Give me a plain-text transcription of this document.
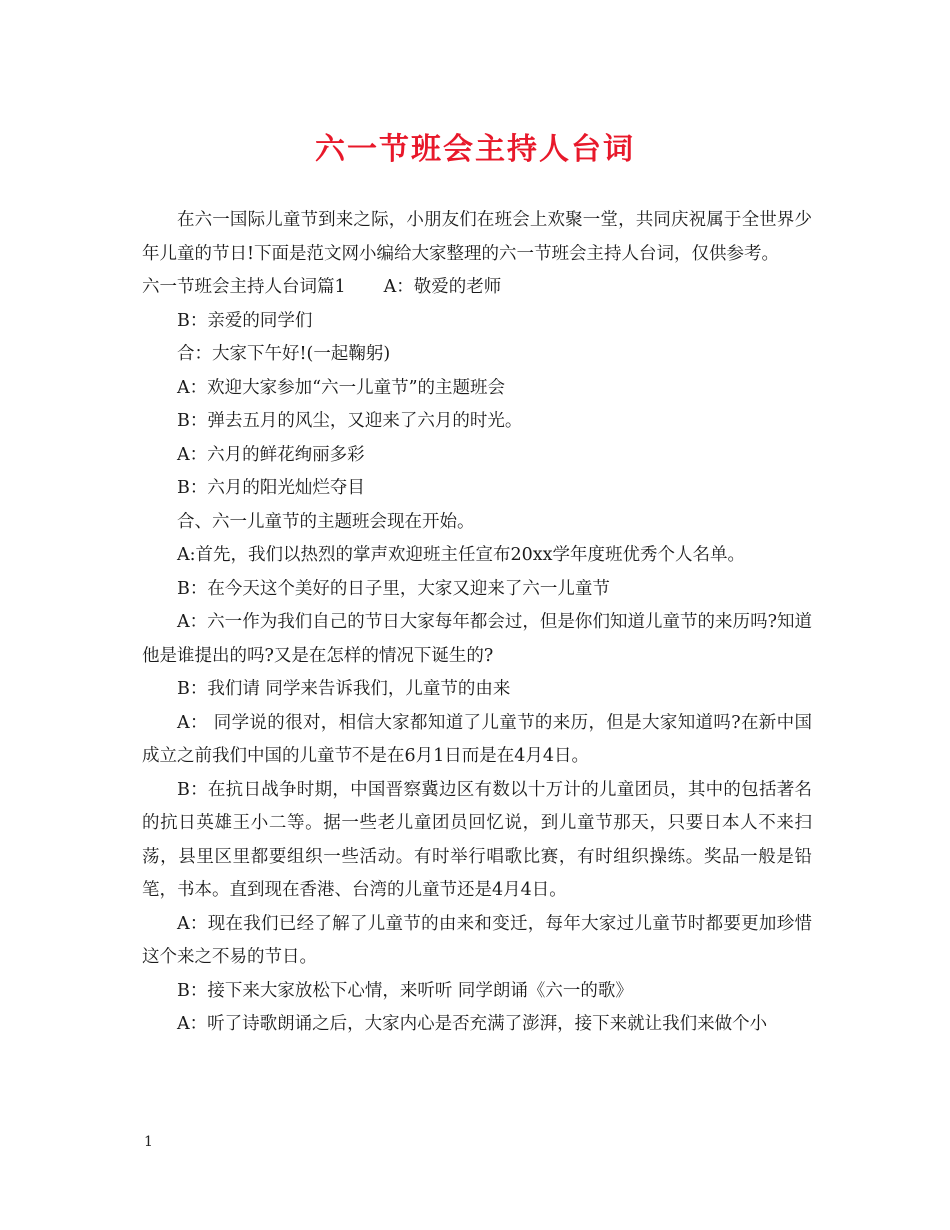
六一节班会主持人台词

在六一国际儿童节到来之际，小朋友们在班会上欢聚一堂，共同庆祝属于全世界少年儿童的节日!下面是范文网小编给大家整理的六一节班会主持人台词，仅供参考。

六一节班会主持人台词篇1 A：敬爱的老师

B：亲爱的同学们

合：大家下午好!(一起鞠躬)

A：欢迎大家参加“六一儿童节”的主题班会

B：弹去五月的风尘，又迎来了六月的时光。

A：六月的鲜花绚丽多彩

B：六月的阳光灿烂夺目

合、六一儿童节的主题班会现在开始。

A:首先，我们以热烈的掌声欢迎班主任宣布20xx学年度班优秀个人名单。

B：在今天这个美好的日子里，大家又迎来了六一儿童节

A：六一作为我们自己的节日大家每年都会过，但是你们知道儿童节的来历吗?知道他是谁提出的吗?又是在怎样的情况下诞生的?

B：我们请 同学来告诉我们，儿童节的由来

A： 同学说的很对，相信大家都知道了儿童节的来历，但是大家知道吗?在新中国成立之前我们中国的儿童节不是在6月1日而是在4月4日。

B：在抗日战争时期，中国晋察冀边区有数以十万计的儿童团员，其中的包括著名的抗日英雄王小二等。据一些老儿童团员回忆说，到儿童节那天，只要日本人不来扫荡，县里区里都要组织一些活动。有时举行唱歌比赛，有时组织操练。奖品一般是铅笔，书本。直到现在香港、台湾的儿童节还是4月4日。

A：现在我们已经了解了儿童节的由来和变迁，每年大家过儿童节时都要更加珍惜这个来之不易的节日。

B：接下来大家放松下心情，来听听 同学朗诵《六一的歌》

A：听了诗歌朗诵之后，大家内心是否充满了澎湃，接下来就让我们来做个小

1
